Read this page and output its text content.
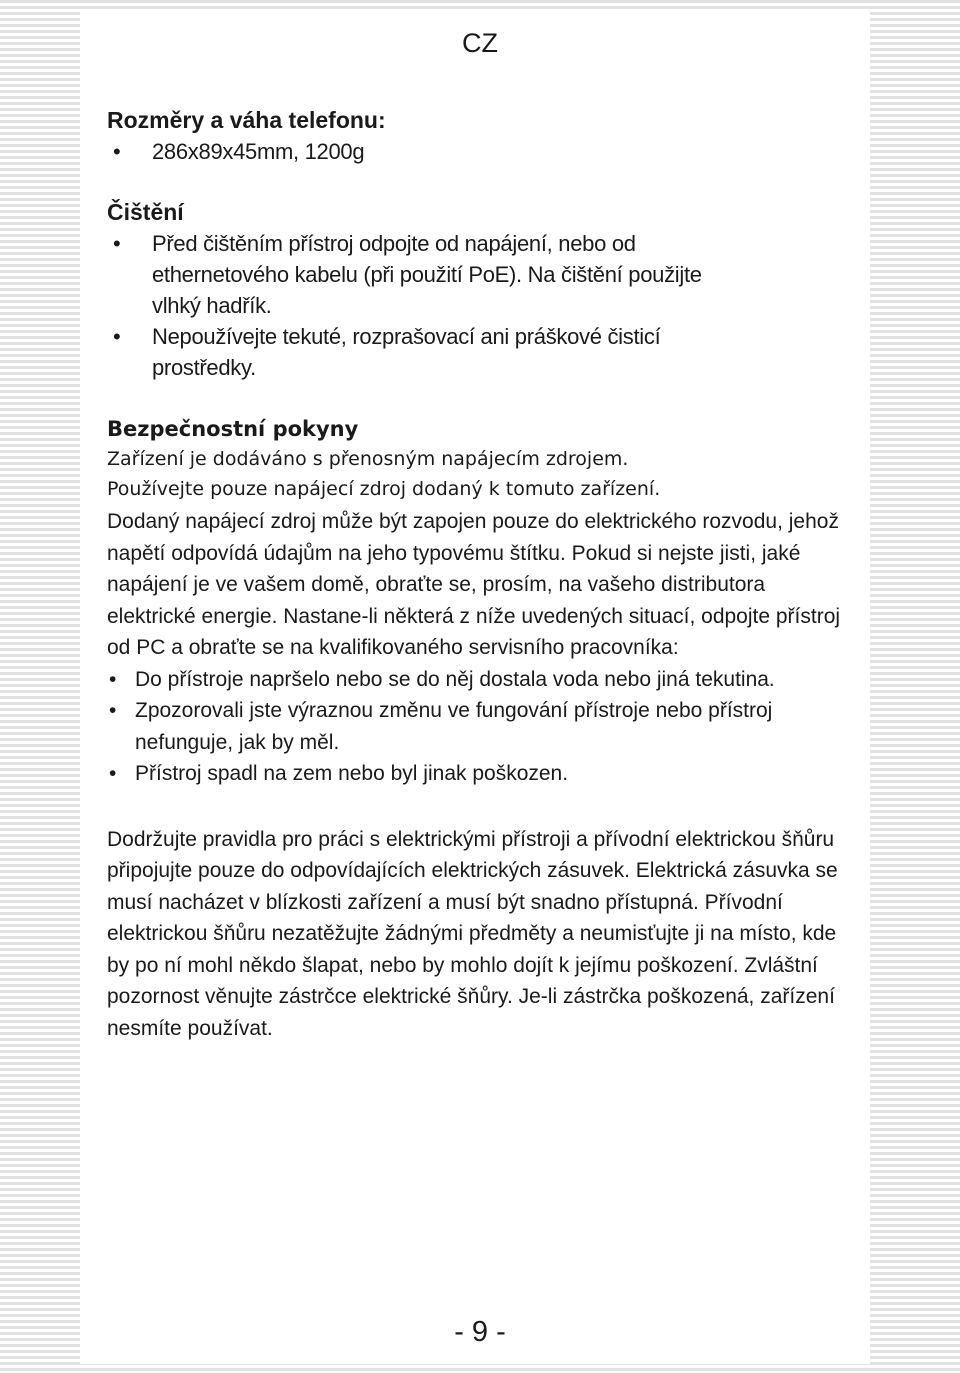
CZ
Rozměry a váha telefonu:
• 286x89x45mm, 1200g
Čištění
• Před čištěním přístroj odpojte od napájení, nebo od ethernetového kabelu (při použití PoE). Na čištění použijte vlhký hadřík.
• Nepoužívejte tekuté, rozprašovací ani práškové čisticí prostředky.
Bezpečnostní pokyny

Zařízení je dodáváno s přenosným napájecím zdrojem.

Používejte pouze napájecí zdroj dodaný k tomuto zařízení.

Dodaný napájecí zdroj může být zapojen pouze do elektrického rozvodu, jehož napětí odpovídá údajům na jeho typovému štítku. Pokud si nejste jisti, jaké napájení je ve vašem domě, obraťte se, prosím, na vašeho distributora elektrické energie. Nastane-li některá z níže uvedených situací, odpojte přístroj od PC a obraťte se na kvalifikovaného servisního pracovníka:

• Do přístroje napršelo nebo se do něj dostala voda nebo jiná tekutina.
• Zpozorovali jste výraznou změnu ve fungování přístroje nebo přístroj nefunguje, jak by měl.
• Přístroj spadl na zem nebo byl jinak poškozen.

Dodržujte pravidla pro práci s elektrickými přístroji a přívodní elektrickou šňůru připojujte pouze do odpovídajících elektrických zásuvek. Elektrická zásuvka se musí nacházet v blízkosti zařízení a musí být snadno přístupná. Přívodní elektrickou šňůru nezatěžujte žádnými předměty a neumisťujte ji na místo, kde by po ní mohl někdo šlapat, nebo by mohlo dojít k jejímu poškození. Zvláštní pozornost věnujte zástrčce elektrické šňůry. Je-li zástrčka poškozená, zařízení nesmíte používat.

- 9 -
